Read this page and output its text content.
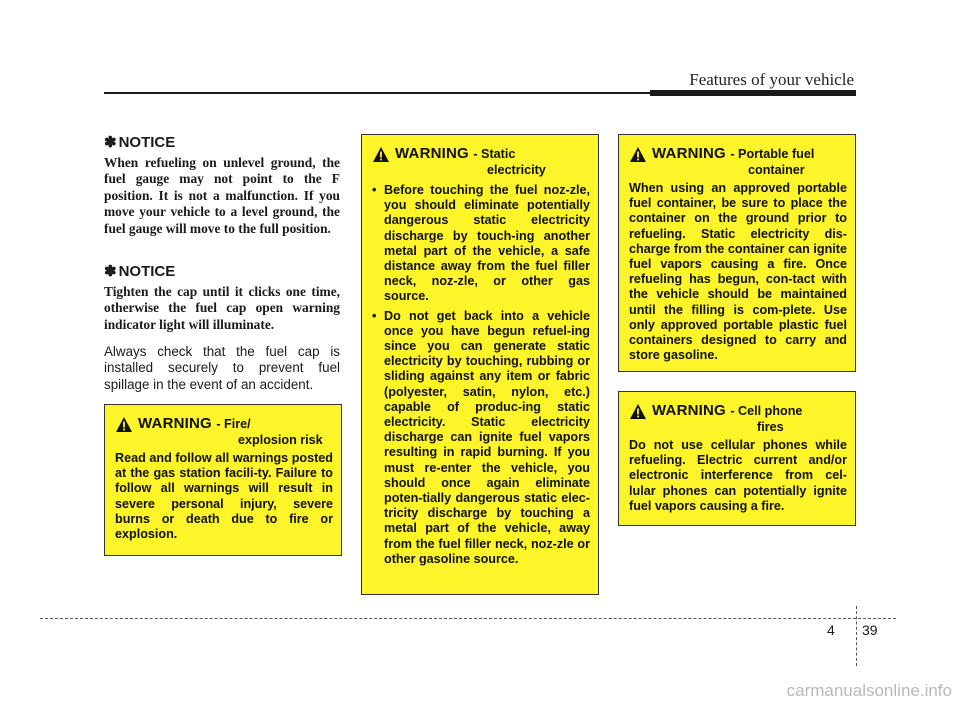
Features of your vehicle
✽ NOTICE
When refueling on unlevel ground, the fuel gauge may not point to the F position. It is not a malfunction. If you move your vehicle to a level ground, the fuel gauge will move to the full position.
✽ NOTICE
Tighten the cap until it clicks one time, otherwise the fuel cap open warning indicator light will illuminate.
Always check that the fuel cap is installed securely to prevent fuel spillage in the event of an accident.
WARNING - Fire/
explosion risk
Read and follow all warnings posted at the gas station facili-ty. Failure to follow all warnings will result in severe personal injury, severe burns or death due to fire or explosion.
WARNING - Static
electricity
• Before touching the fuel noz-zle, you should eliminate potentially dangerous static electricity discharge by touch-ing another metal part of the vehicle, a safe distance away from the fuel filler neck, noz-zle, or other gas source.
• Do not get back into a vehicle once you have begun refuel-ing since you can generate static electricity by touching, rubbing or sliding against any item or fabric (polyester, satin, nylon, etc.) capable of produc-ing static electricity. Static electricity discharge can ignite fuel vapors resulting in rapid burning. If you must re-enter the vehicle, you should once again eliminate poten-tially dangerous static elec-tricity discharge by touching a metal part of the vehicle, away from the fuel filler neck, noz-zle or other gasoline source.
WARNING - Portable fuel
container
When using an approved portable fuel container, be sure to place the container on the ground prior to refueling. Static electricity dis-charge from the container can ignite fuel vapors causing a fire. Once refueling has begun, con-tact with the vehicle should be maintained until the filling is com-plete. Use only approved portable plastic fuel containers designed to carry and store gasoline.
WARNING - Cell phone
fires
Do not use cellular phones while refueling. Electric current and/or electronic interference from cel-lular phones can potentially ignite fuel vapors causing a fire.
4 39
carmanualsonline.info
